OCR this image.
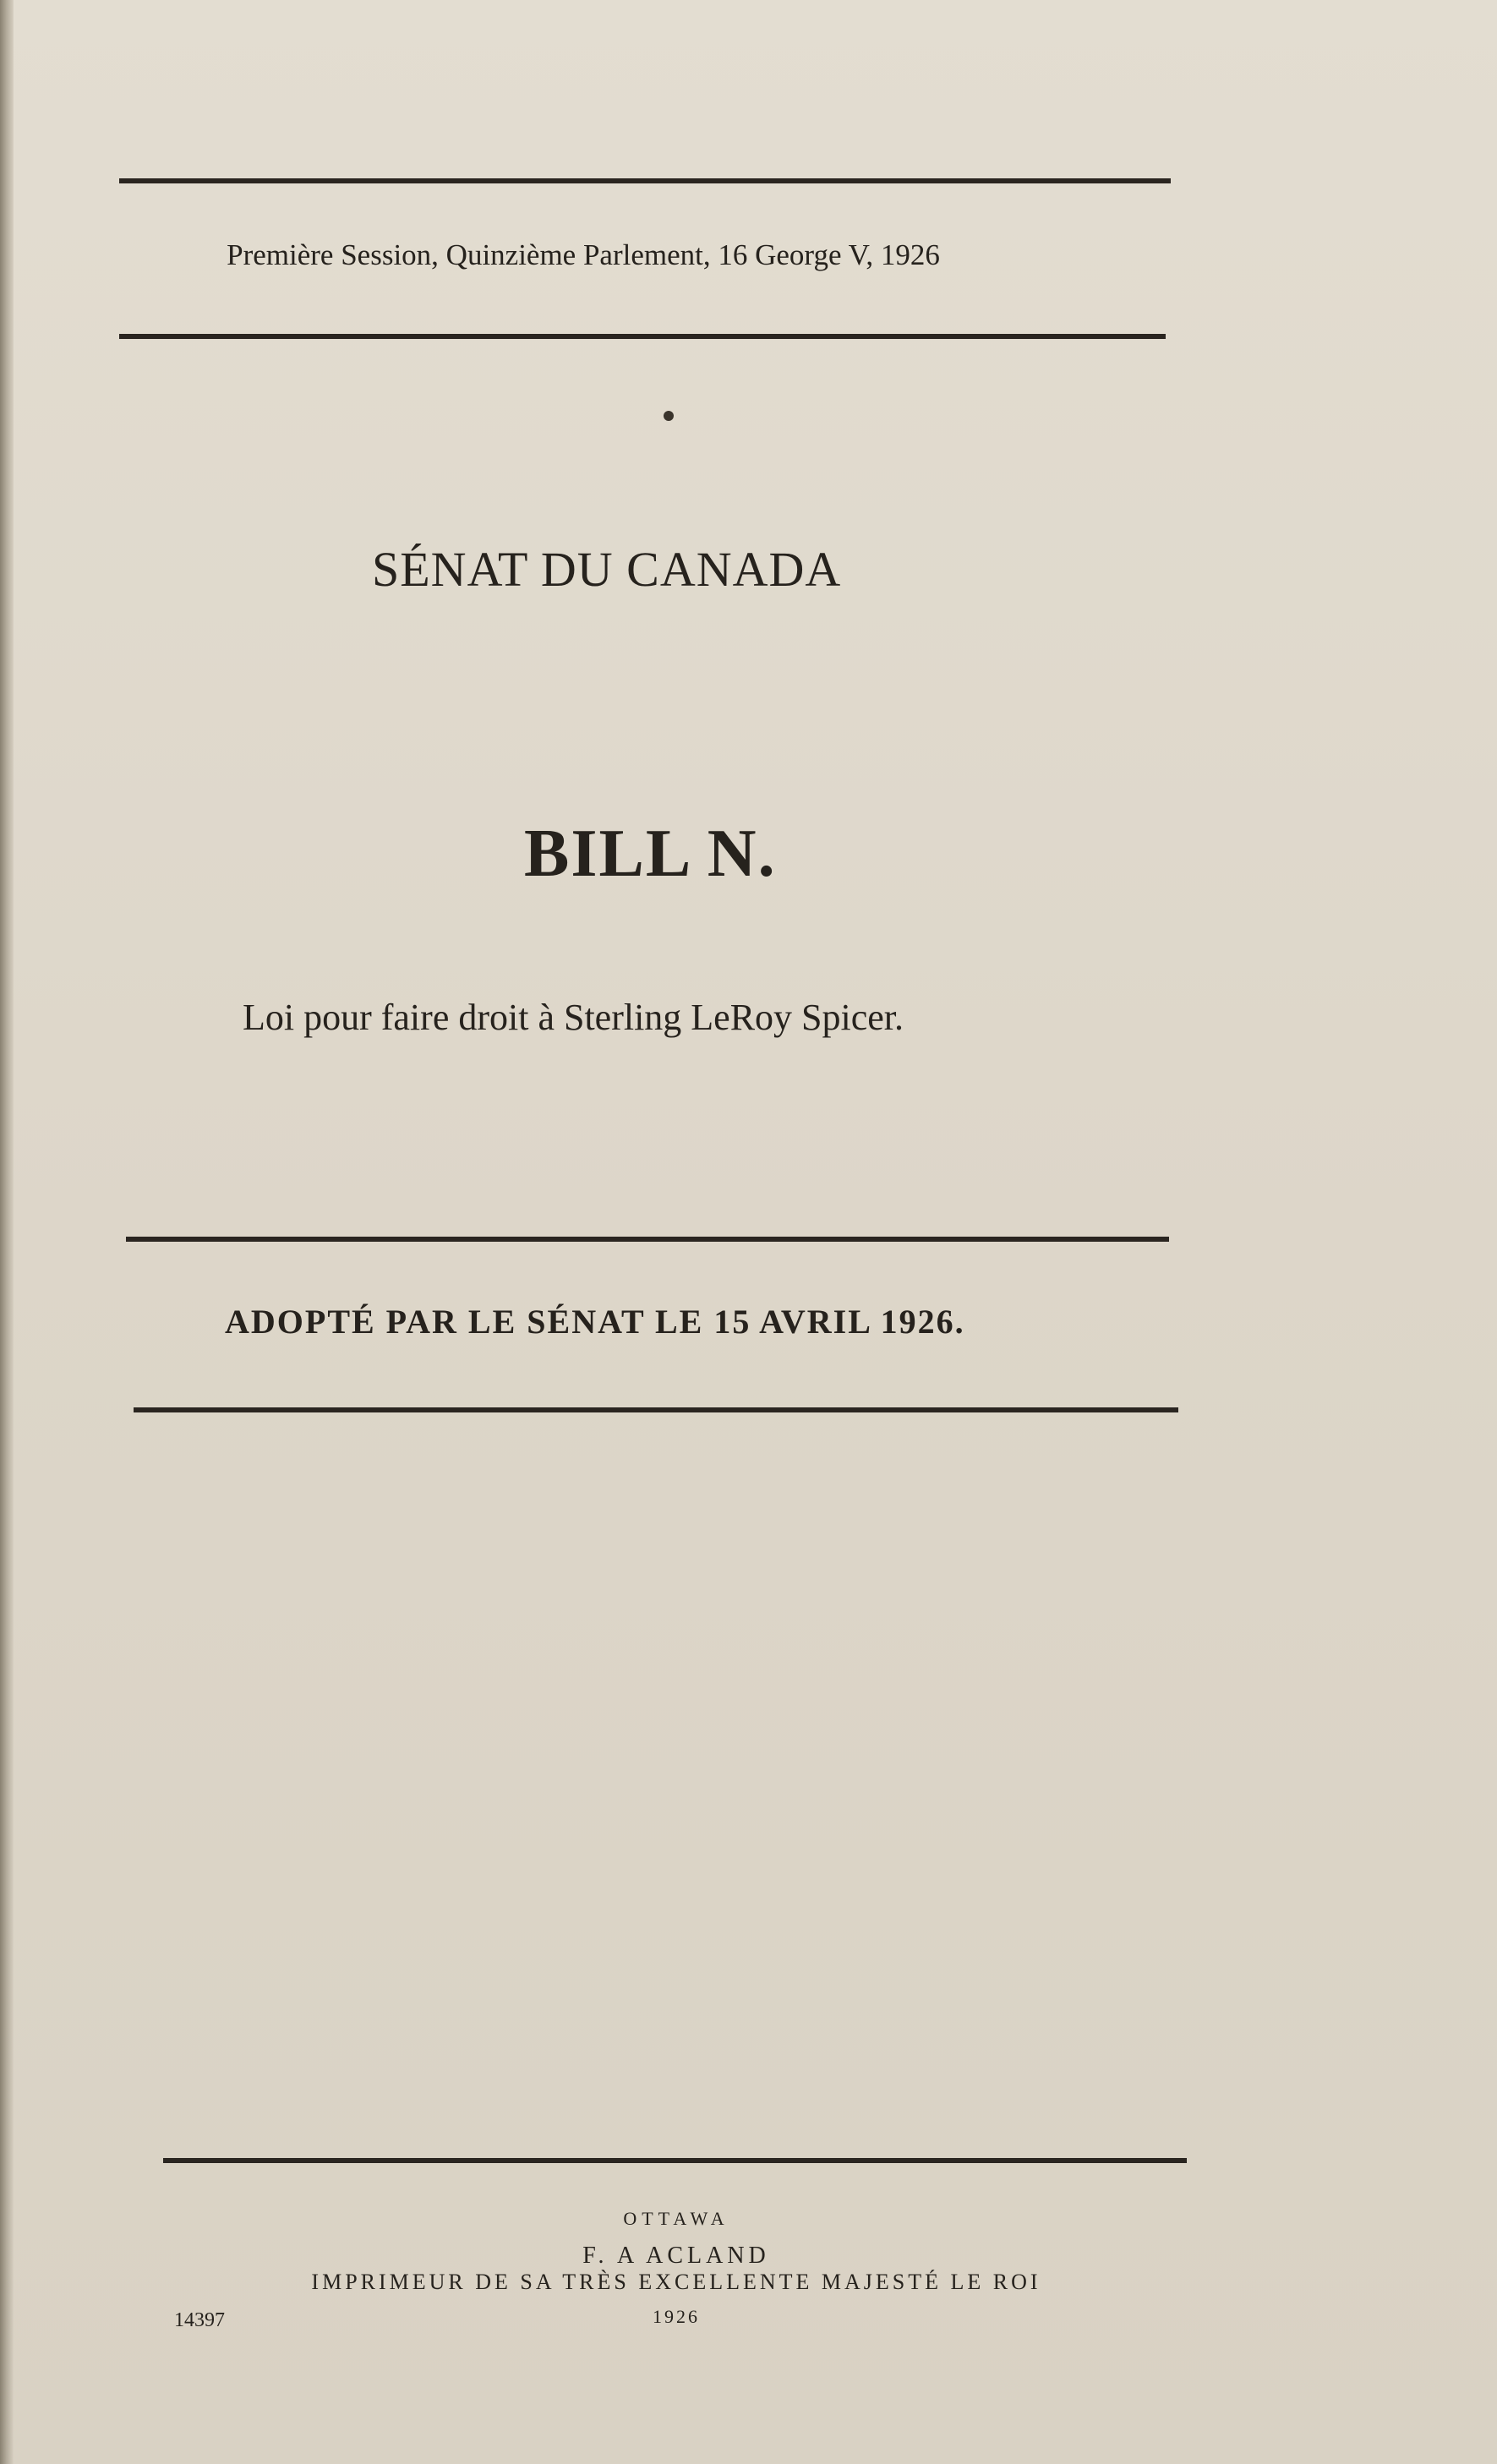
Première Session, Quinzième Parlement, 16 George V, 1926
SÉNAT DU CANADA
BILL N.
Loi pour faire droit à Sterling LeRoy Spicer.
ADOPTÉ PAR LE SÉNAT LE 15 AVRIL 1926.
OTTAWA
F. A ACLAND
IMPRIMEUR DE SA TRÈS EXCELLENTE MAJESTÉ LE ROI
1926
14397
